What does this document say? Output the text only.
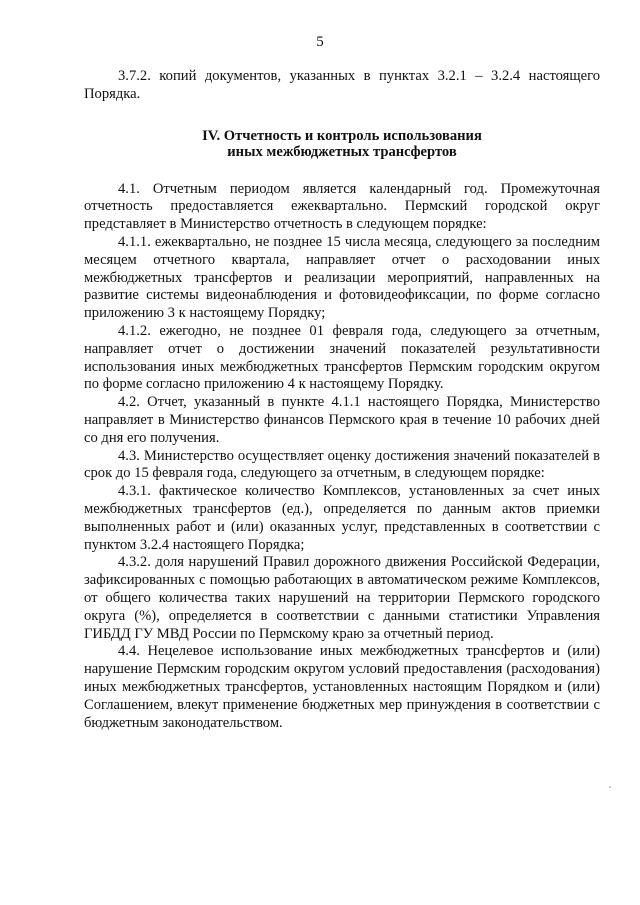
5

3.7.2. копий документов, указанных в пунктах 3.2.1 – 3.2.4 настоящего Порядка.

IV. Отчетность и контроль использования
иных межбюджетных трансфертов

4.1. Отчетным периодом является календарный год. Промежуточная отчетность предоставляется ежеквартально. Пермский городской округ представляет в Министерство отчетность в следующем порядке:

4.1.1. ежеквартально, не позднее 15 числа месяца, следующего за последним месяцем отчетного квартала, направляет отчет о расходовании иных межбюджетных трансфертов и реализации мероприятий, направленных на развитие системы видеонаблюдения и фотовидеофиксации, по форме согласно приложению 3 к настоящему Порядку;

4.1.2. ежегодно, не позднее 01 февраля года, следующего за отчетным, направляет отчет о достижении значений показателей результативности использования иных межбюджетных трансфертов Пермским городским округом по форме согласно приложению 4 к настоящему Порядку.

4.2. Отчет, указанный в пункте 4.1.1 настоящего Порядка, Министерство направляет в Министерство финансов Пермского края в течение 10 рабочих дней со дня его получения.

4.3. Министерство осуществляет оценку достижения значений показателей в срок до 15 февраля года, следующего за отчетным, в следующем порядке:

4.3.1. фактическое количество Комплексов, установленных за счет иных межбюджетных трансфертов (ед.), определяется по данным актов приемки выполненных работ и (или) оказанных услуг, представленных в соответствии с пунктом 3.2.4 настоящего Порядка;

4.3.2. доля нарушений Правил дорожного движения Российской Федерации, зафиксированных с помощью работающих в автоматическом режиме Комплексов, от общего количества таких нарушений на территории Пермского городского округа (%), определяется в соответствии с данными статистики Управления ГИБДД ГУ МВД России по Пермскому краю за отчетный период.

4.4. Нецелевое использование иных межбюджетных трансфертов и (или) нарушение Пермским городским округом условий предоставления (расходования) иных межбюджетных трансфертов, установленных настоящим Порядком и (или) Соглашением, влекут применение бюджетных мер принуждения в соответствии с бюджетным законодательством.
